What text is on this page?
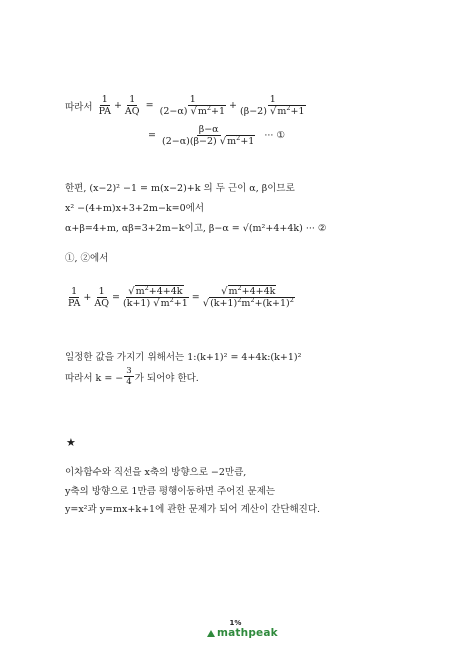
따라서
$\frac{1}{PA} + \frac{1}{AQ}$
=
$\frac{1}{(2-\alpha) √m^2+1} + \frac{1}{(\beta-2) √m^2+1}$
=
$\frac{\beta-\alpha}{(2-\alpha)(\beta-2) √m^2+1}$
··· ①
한편, (x−2)² −1 = m(x−2)+k 의 두 근이 α, β이므로
x² −(4+m)x+3+2m−k=0에서
α+β=4+m, αβ=3+2m−k이고, β−α = √(m²+4+4k) ··· ②
①, ②에서
$\frac{1}{PA} + \frac{1}{AQ} = \frac{√m^2+4+4k}{(k+1) √m^2+1} = \frac{√m^2+4+4k}{√(k+1)^2m^2+(k+1)^2}$
일정한 값을 가지기 위해서는 1:(k+1)² = 4+4k:(k+1)²
따라서 k = − $\frac{3}{4}$ 가 되어야 한다.
★
이차함수와 직선을 x축의 방향으로 −2만큼,
y축의 방향으로 1만큼 평행이동하면 주어진 문제는
y=x²과 y=mx+k+1에 관한 문제가 되어 계산이 간단해진다.
1%
mathpeak
